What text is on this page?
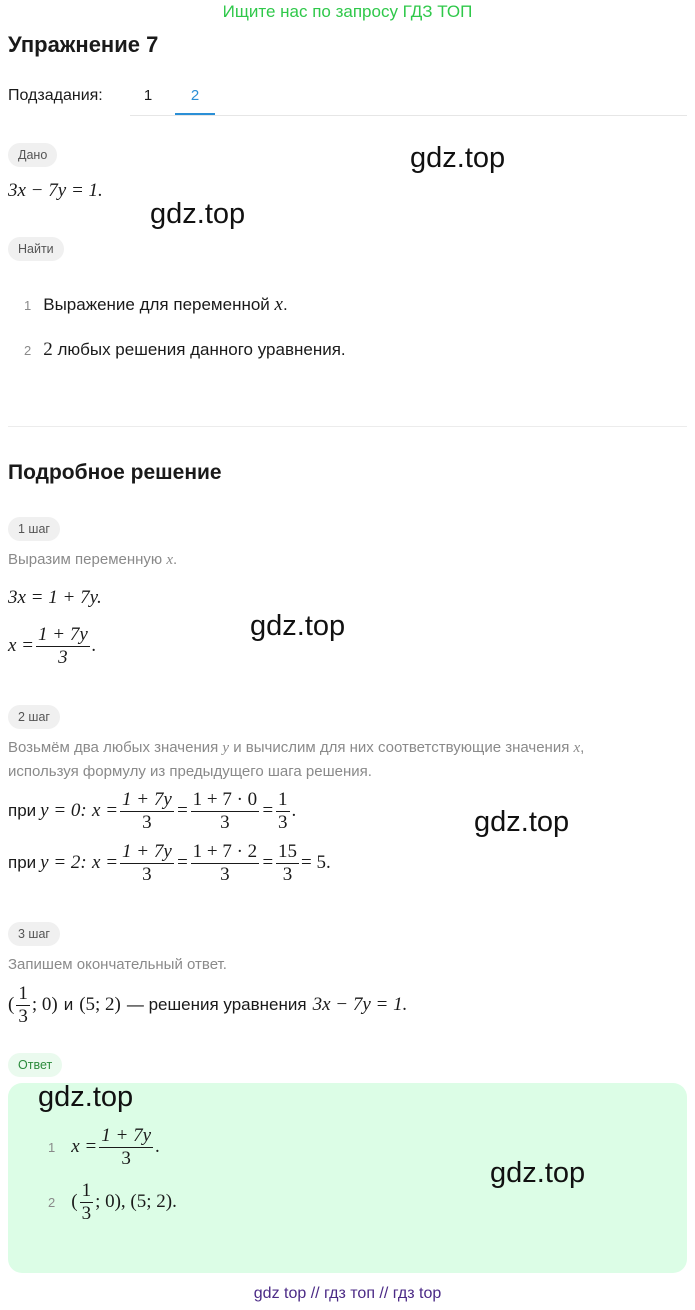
Ищите нас по запросу ГДЗ ТОП
Упражнение 7
Подзадания:	1	2
Дано
3x − 7y = 1.
Найти
1 Выражение для переменной x.
2 2 любых решения данного уравнения.
Подробное решение
1 шаг
Выразим переменную x.
3x = 1 + 7y.
$x = \frac{1 + 7y}{3}$ .
2 шаг
Возьмём два любых значения y и вычислим для них соответствующие значения x,
используя формулу из предыдущего шага решения.
при y = 0:
$x = \frac{1 + 7y}{3} = \frac{1 + 7 \cdot 0}{3} = \frac{1}{3}$ .
при y = 2:
$x = \frac{1 + 7y}{3} = \frac{1 + 7 \cdot 2}{3} = \frac{15}{3} = 5$.
3 шаг
Запишем окончательный ответ.
( $\frac{1}{3}$ ; 0) и (5; 2) — решения уравнения 3x − 7y = 1.
Ответ
1 $x = \frac{1 + 7y}{3}$ .
2 ( $\frac{1}{3}$ ; 0), (5; 2).
gdz.top
gdz.top
gdz.top
gdz.top
gdz.top
gdz.top
gdz top // гдз топ // гдз top
